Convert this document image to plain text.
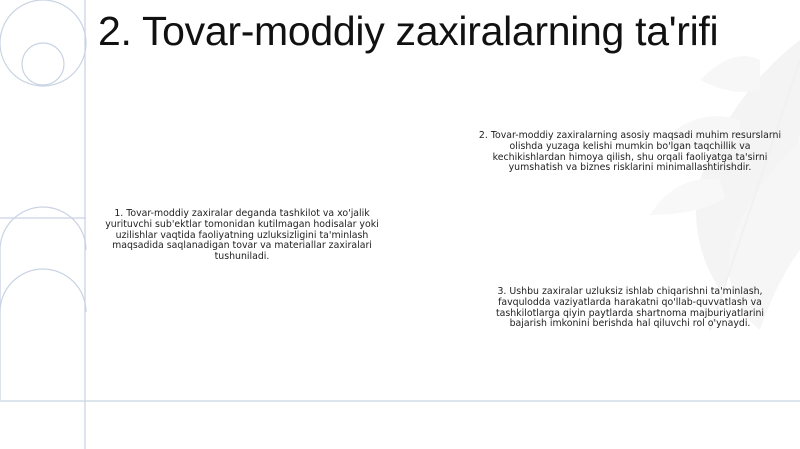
2. Tovar-moddiy zaxiralarning ta'rifi

1. Tovar-moddiy zaxiralar deganda tashkilot va xo'jalik yurituvchi sub'ektlar tomonidan kutilmagan hodisalar yoki uzilishlar vaqtida faoliyatning uzluksizligini ta'minlash maqsadida saqlanadigan tovar va materiallar zaxiralari tushuniladi.

2. Tovar-moddiy zaxiralarning asosiy maqsadi muhim resurslarni olishda yuzaga kelishi mumkin bo'lgan taqchillik va kechikishlardan himoya qilish, shu orqali faoliyatga ta'sirni yumshatish va biznes risklarini minimallashtirishdir.

3. Ushbu zaxiralar uzluksiz ishlab chiqarishni ta'minlash, favqulodda vaziyatlarda harakatni qo'llab-quvvatlash va tashkilotlarga qiyin paytlarda shartnoma majburiyatlarini bajarish imkonini berishda hal qiluvchi rol o'ynaydi.
